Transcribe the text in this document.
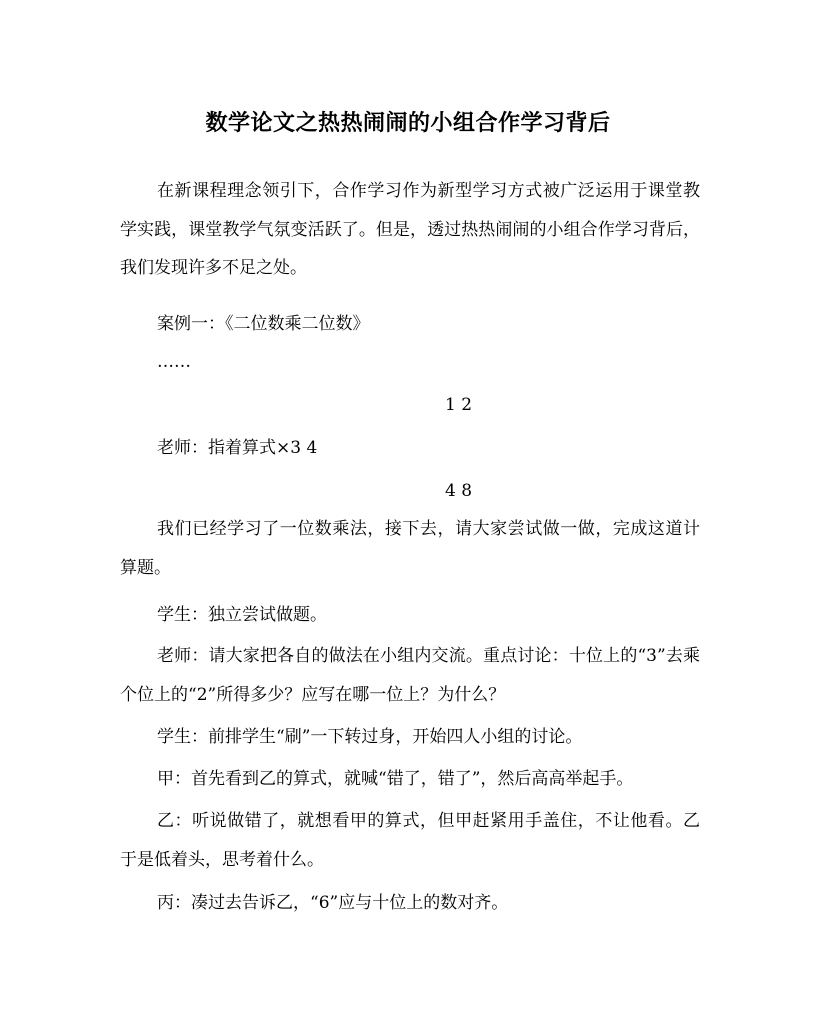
数学论文之热热闹闹的小组合作学习背后

在新课程理念领引下，合作学习作为新型学习方式被广泛运用于课堂教学实践，课堂教学气氛变活跃了。但是，透过热热闹闹的小组合作学习背后，我们发现许多不足之处。

案例一：《二位数乘二位数》
……
1 2
老师：指着算式×3 4
4 8

我们已经学习了一位数乘法，接下去，请大家尝试做一做，完成这道计算题。

学生：独立尝试做题。

老师：请大家把各自的做法在小组内交流。重点讨论：十位上的“3”去乘个位上的“2”所得多少？应写在哪一位上？为什么？

学生：前排学生“刷”一下转过身，开始四人小组的讨论。
甲：首先看到乙的算式，就喊“错了，错了”，然后高高举起手。

乙：听说做错了，就想看甲的算式，但甲赶紧用手盖住，不让他看。乙于是低着头，思考着什么。

丙：凑过去告诉乙，“6”应与十位上的数对齐。
